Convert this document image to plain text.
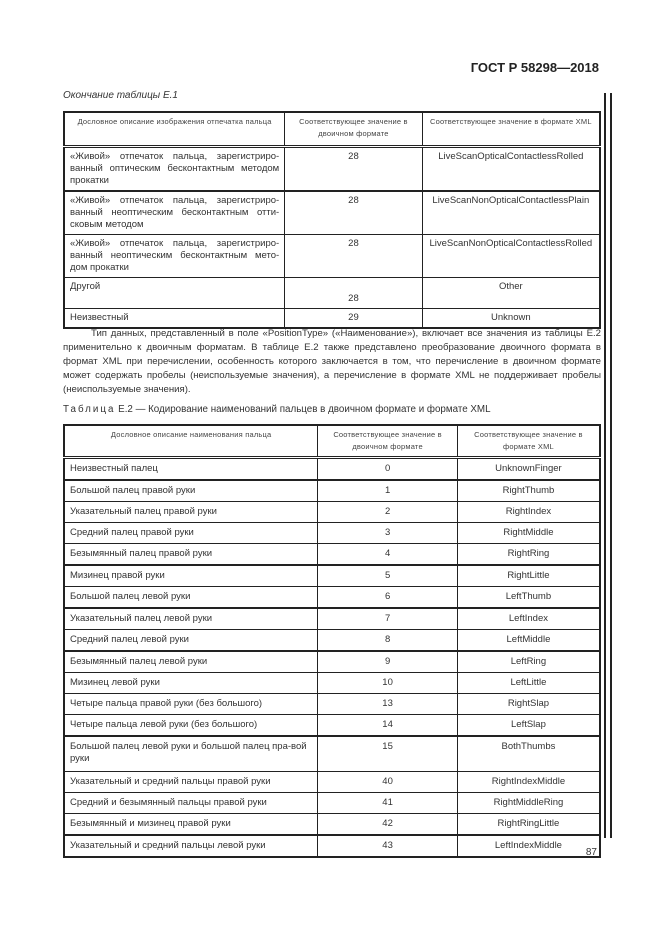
ГОСТ Р 58298—2018
Окончание таблицы Е.1
Дословное описание изображения отпечатка пальца	Соответствующее значение в двоичном формате	Соответствующее значение в формате XML
«Живой» отпечаток пальца, зарегистриро-ванный оптическим бесконтактным методом прокатки	28	LiveScanOpticalContactlessRolled
«Живой» отпечаток пальца, зарегистриро-ванный неоптическим бесконтактным отти-сковым методом	28	LiveScanNonOpticalContactlessPlain
«Живой» отпечаток пальца, зарегистриро-ванный неоптическим бесконтактным мето-дом прокатки	28	LiveScanNonOpticalContactlessRolled
Другой	28	Other
Неизвестный	29	Unknown
Тип данных, представленный в поле «PositionType» («Наименование»), включает все значения из таблицы Е.2 применительно к двоичным форматам. В таблице Е.2 также представлено преобразование двоичного формата в формат XML при перечислении, особенность которого заключается в том, что перечисление в двоичном формате может содержать пробелы (неиспользуемые значения), а перечисление в формате XML не поддерживает пробелы (неиспользуемые значения).
Таблица Е.2 — Кодирование наименований пальцев в двоичном формате и формате XML
Дословное описание наименования пальца	Соответствующее значение в двоичном формате	Соответствующее значение в формате XML
Неизвестный палец	0	UnknownFinger
Большой палец правой руки	1	RightThumb
Указательный палец правой руки	2	RightIndex
Средний палец правой руки	3	RightMiddle
Безымянный палец правой руки	4	RightRing
Мизинец правой руки	5	RightLittle
Большой палец левой руки	6	LeftThumb
Указательный палец левой руки	7	LeftIndex
Средний палец левой руки	8	LeftMiddle
Безымянный палец левой руки	9	LeftRing
Мизинец левой руки	10	LeftLittle
Четыре пальца правой руки (без большого)	13	RightSlap
Четыре пальца левой руки (без большого)	14	LeftSlap
Большой палец левой руки и большой палец пра-вой руки	15	BothThumbs
Указательный и средний пальцы правой руки	40	RightIndexMiddle
Средний и безымянный пальцы правой руки	41	RightMiddleRing
Безымянный и мизинец правой руки	42	RightRingLittle
Указательный и средний пальцы левой руки	43	LeftIndexMiddle
87
